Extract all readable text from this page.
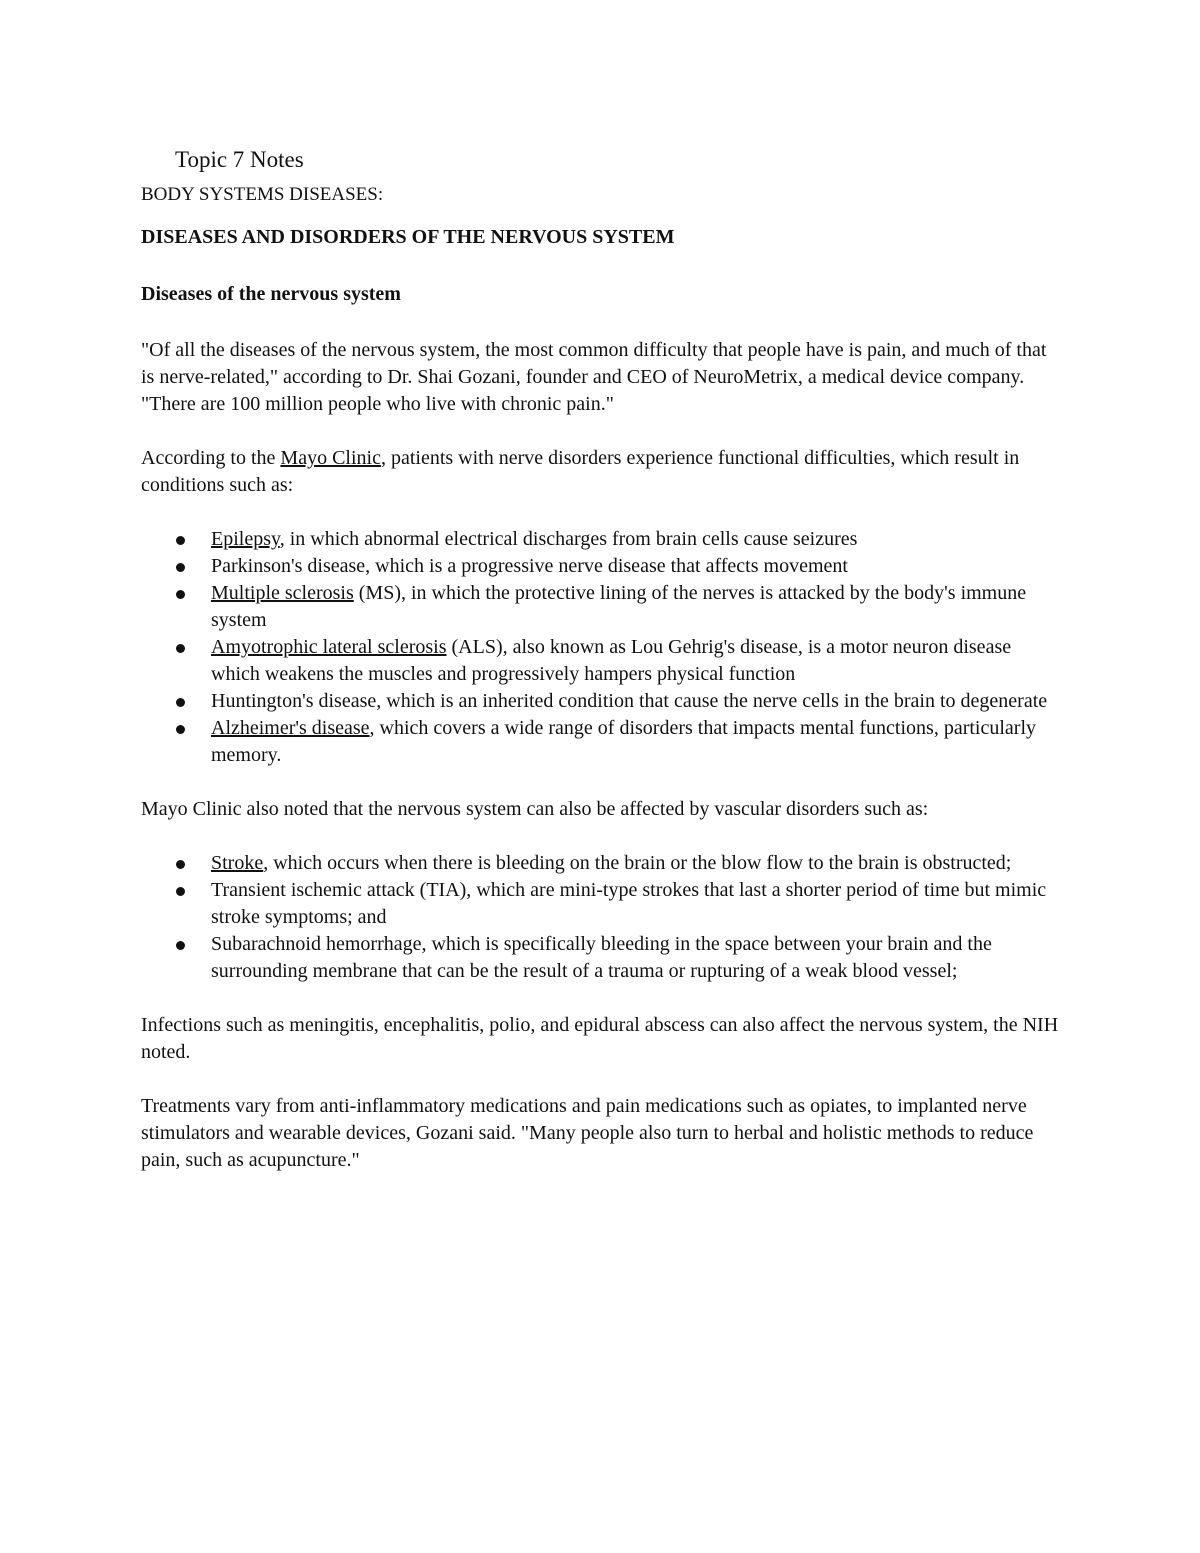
Topic 7 Notes
BODY SYSTEMS DISEASES:
DISEASES AND DISORDERS OF THE NERVOUS SYSTEM
Diseases of the nervous system

"Of all the diseases of the nervous system, the most common difficulty that people have is pain, and much of that is nerve-related," according to Dr. Shai Gozani, founder and CEO of NeuroMetrix, a medical device company. "There are 100 million people who live with chronic pain."

According to the Mayo Clinic, patients with nerve disorders experience functional difficulties, which result in conditions such as:

Epilepsy, in which abnormal electrical discharges from brain cells cause seizures
Parkinson's disease, which is a progressive nerve disease that affects movement
Multiple sclerosis (MS), in which the protective lining of the nerves is attacked by the body's immune system
Amyotrophic lateral sclerosis (ALS), also known as Lou Gehrig's disease, is a motor neuron disease which weakens the muscles and progressively hampers physical function
Huntington's disease, which is an inherited condition that cause the nerve cells in the brain to degenerate
Alzheimer's disease, which covers a wide range of disorders that impacts mental functions, particularly memory.

Mayo Clinic also noted that the nervous system can also be affected by vascular disorders such as:

Stroke, which occurs when there is bleeding on the brain or the blow flow to the brain is obstructed;
Transient ischemic attack (TIA), which are mini-type strokes that last a shorter period of time but mimic stroke symptoms; and
Subarachnoid hemorrhage, which is specifically bleeding in the space between your brain and the surrounding membrane that can be the result of a trauma or rupturing of a weak blood vessel;

Infections such as meningitis, encephalitis, polio, and epidural abscess can also affect the nervous system, the NIH noted.

Treatments vary from anti-inflammatory medications and pain medications such as opiates, to implanted nerve stimulators and wearable devices, Gozani said. "Many people also turn to herbal and holistic methods to reduce pain, such as acupuncture."
